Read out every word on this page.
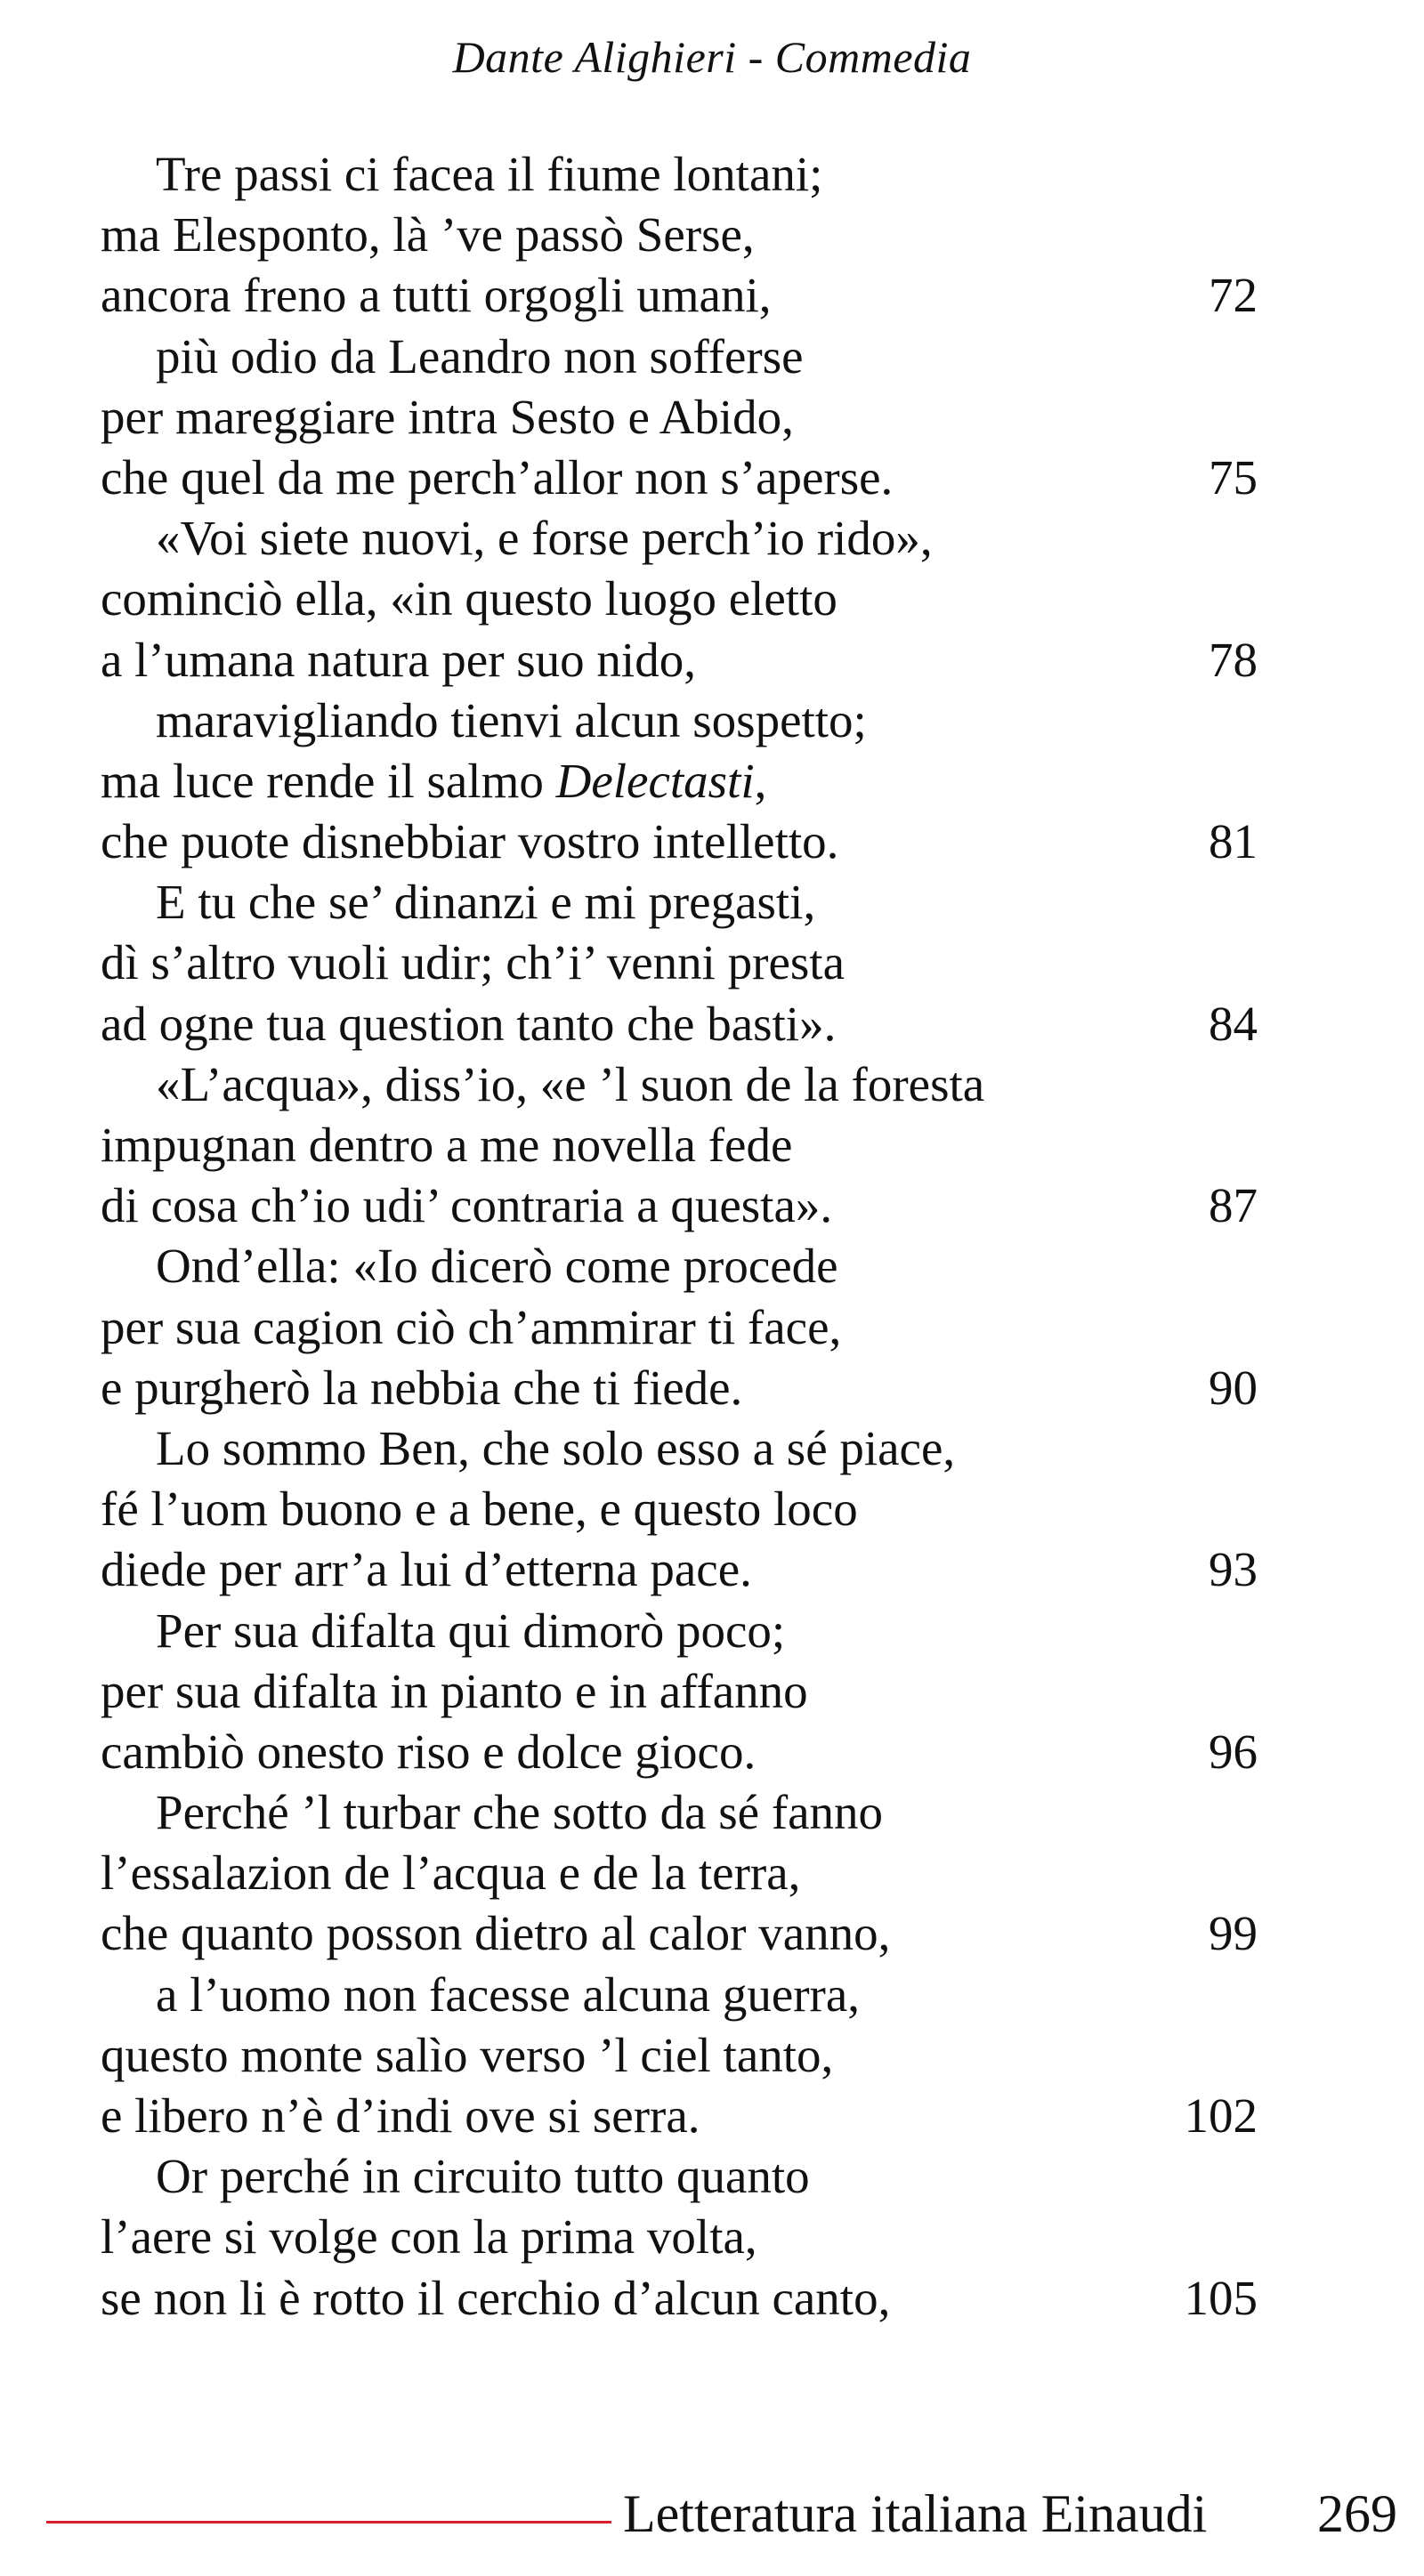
Dante Alighieri - Commedia
Tre passi ci facea il fiume lontani;
ma Elesponto, là ’ve passò Serse,
ancora freno a tutti orgogli umani,	72
più odio da Leandro non sofferse
per mareggiare intra Sesto e Abido,
che quel da me perch’allor non s’aperse.	75
«Voi siete nuovi, e forse perch’io rido»,
cominciò ella, «in questo luogo eletto
a l’umana natura per suo nido,	78
maravigliando tienvi alcun sospetto;
ma luce rende il salmo Delectasti,
che puote disnebbiar vostro intelletto.	81
E tu che se’ dinanzi e mi pregasti,
dì s’altro vuoli udir; ch’i’ venni presta
ad ogne tua question tanto che basti».	84
«L’acqua», diss’io, «e ’l suon de la foresta
impugnan dentro a me novella fede
di cosa ch’io udi’ contraria a questa».	87
Ond’ella: «Io dicerò come procede
per sua cagion ciò ch’ammirar ti face,
e purgherò la nebbia che ti fiede.	90
Lo sommo Ben, che solo esso a sé piace,
fé l’uom buono e a bene, e questo loco
diede per arr’a lui d’etterna pace.	93
Per sua difalta qui dimorò poco;
per sua difalta in pianto e in affanno
cambiò onesto riso e dolce gioco.	96
Perché ’l turbar che sotto da sé fanno
l’essalazion de l’acqua e de la terra,
che quanto posson dietro al calor vanno,	99
a l’uomo non facesse alcuna guerra,
questo monte salìo verso ’l ciel tanto,
e libero n’è d’indi ove si serra.	102
Or perché in circuito tutto quanto
l’aere si volge con la prima volta,
se non li è rotto il cerchio d’alcun canto,	105
Letteratura italiana Einaudi 269
